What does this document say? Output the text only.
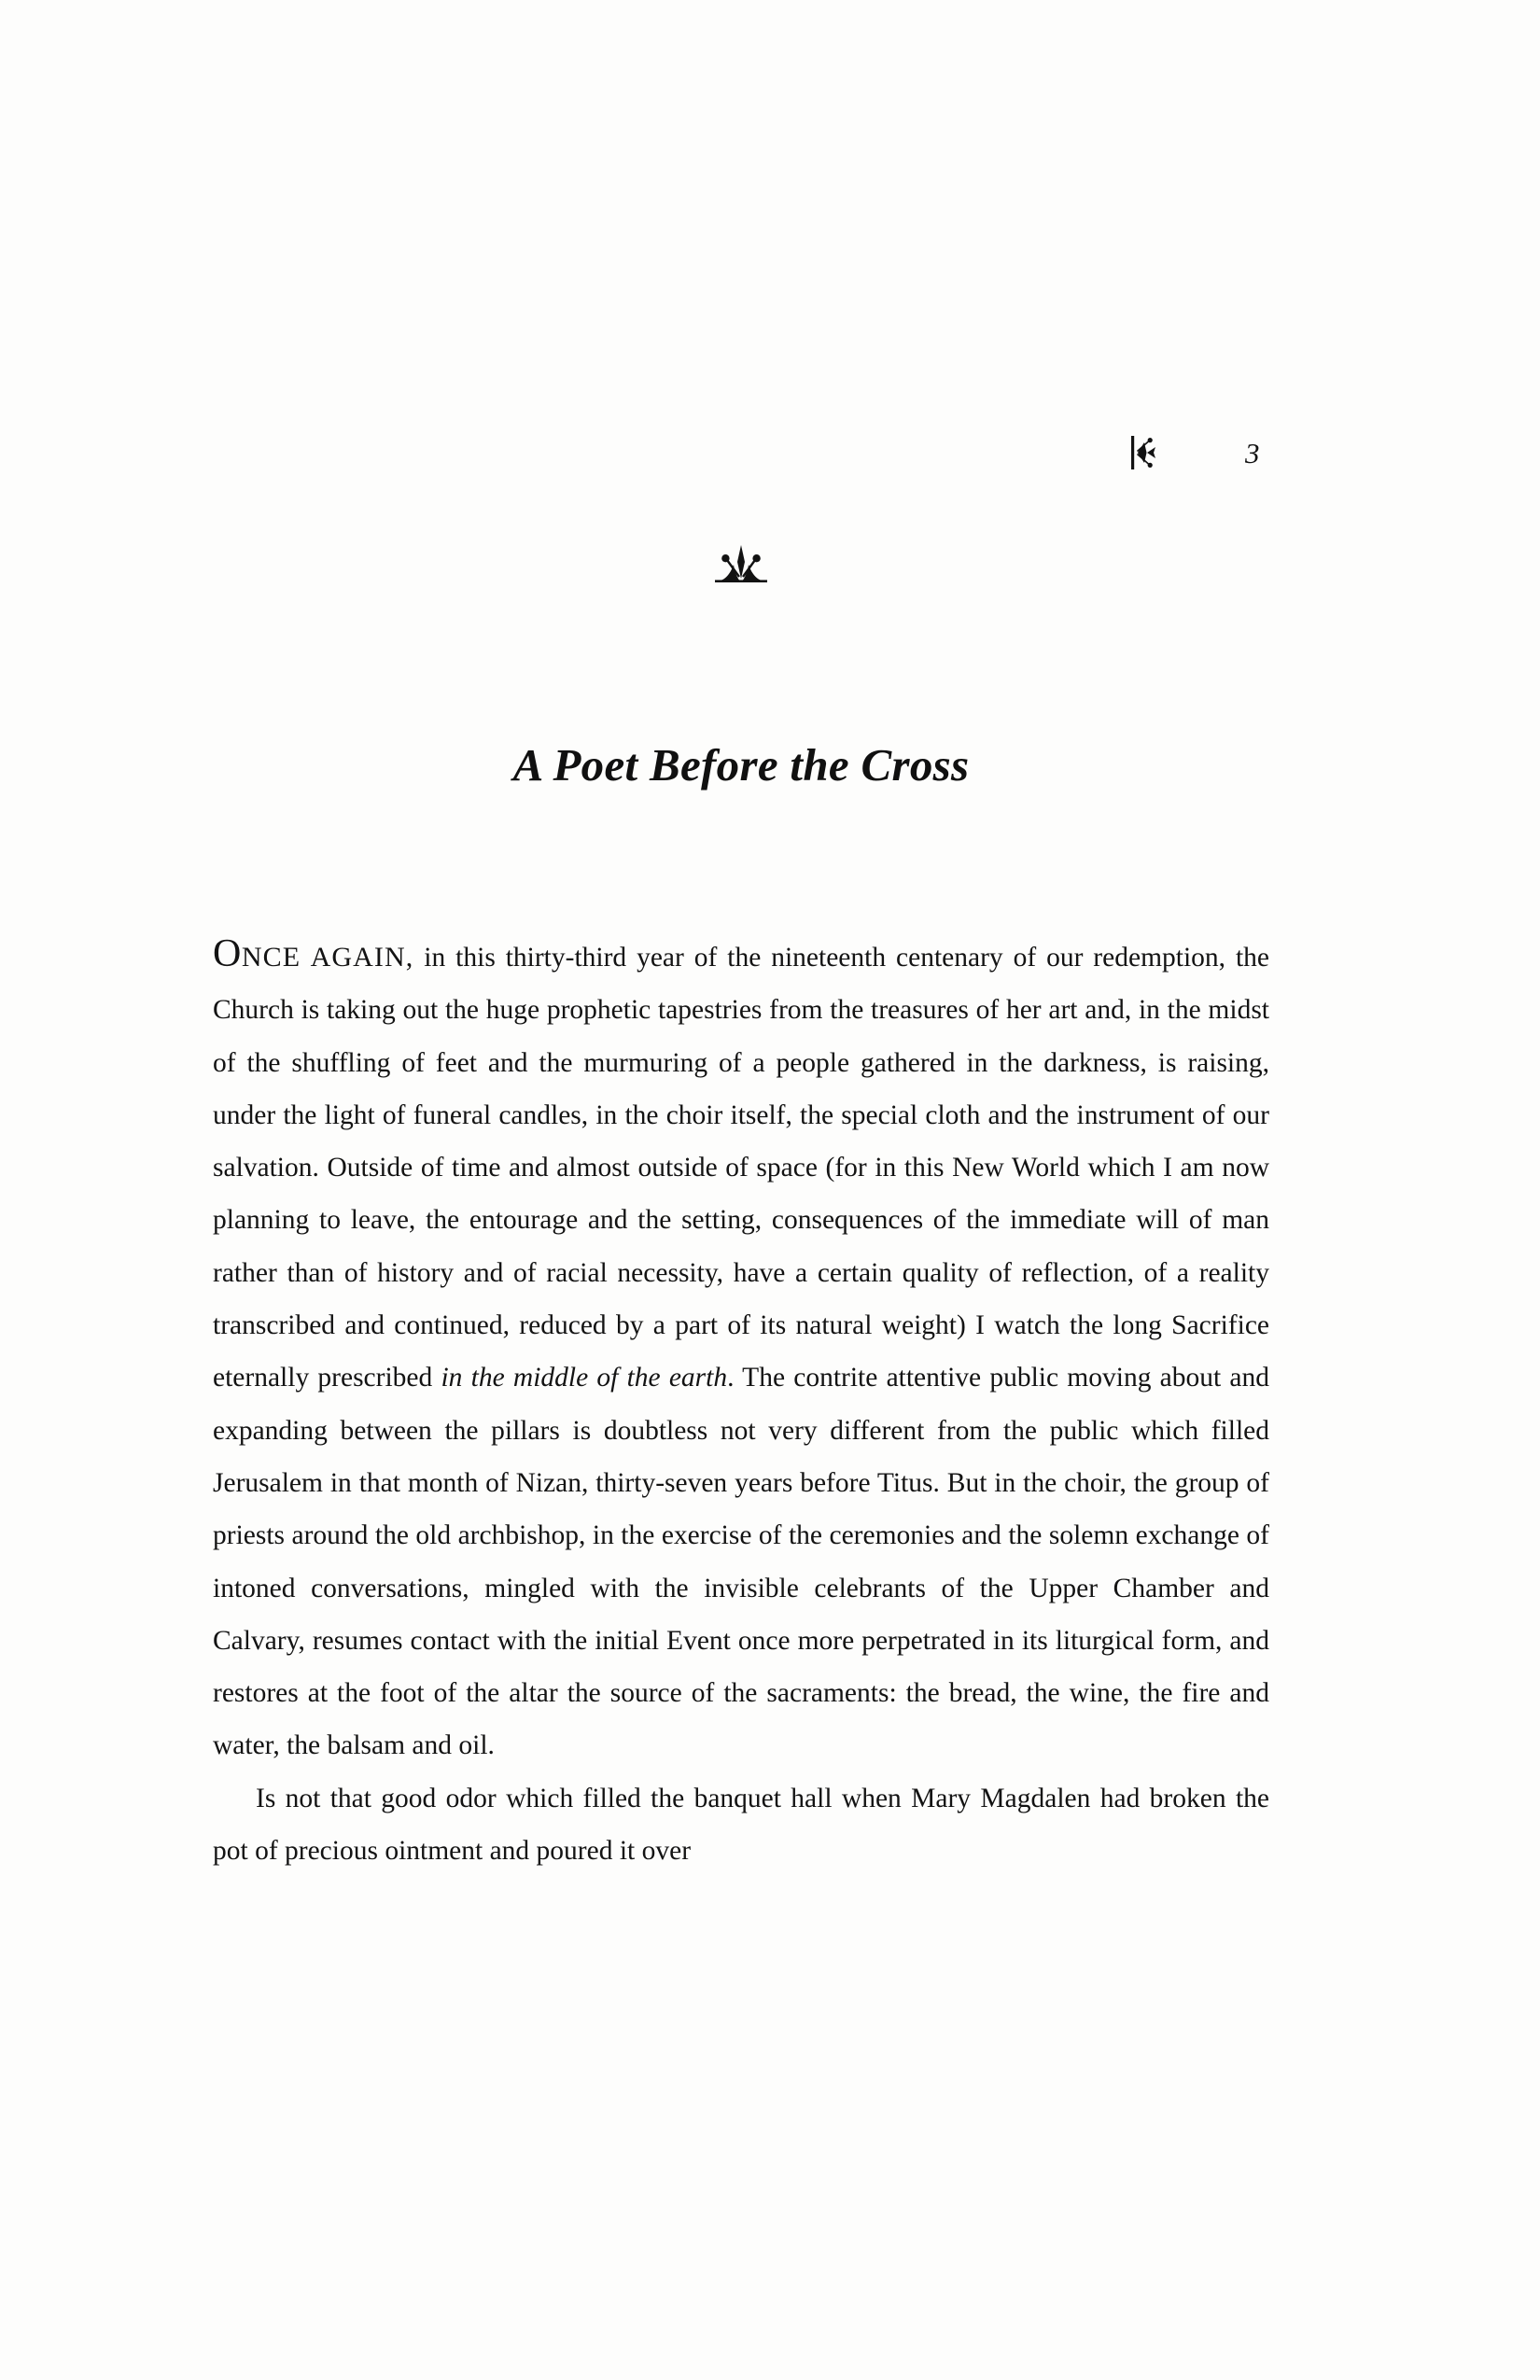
3
A Poet Before the Cross

ONCE AGAIN, in this thirty-third year of the nineteenth centenary of our redemption, the Church is taking out the huge prophetic tapestries from the treasures of her art and, in the midst of the shuffling of feet and the murmuring of a people gathered in the darkness, is raising, under the light of funeral candles, in the choir itself, the special cloth and the instrument of our salvation. Outside of time and almost outside of space (for in this New World which I am now planning to leave, the entourage and the setting, consequences of the immediate will of man rather than of history and of racial necessity, have a certain quality of reflection, of a reality transcribed and continued, reduced by a part of its natural weight) I watch the long Sacrifice eternally prescribed in the middle of the earth. The contrite attentive public moving about and expanding between the pillars is doubtless not very different from the public which filled Jerusalem in that month of Nizan, thirty-seven years before Titus. But in the choir, the group of priests around the old archbishop, in the exercise of the ceremonies and the solemn exchange of intoned conversations, mingled with the invisible celebrants of the Upper Chamber and Calvary, resumes contact with the initial Event once more perpetrated in its liturgical form, and restores at the foot of the altar the source of the sacraments: the bread, the wine, the fire and water, the balsam and oil.

Is not that good odor which filled the banquet hall when Mary Magdalen had broken the pot of precious ointment and poured it over
